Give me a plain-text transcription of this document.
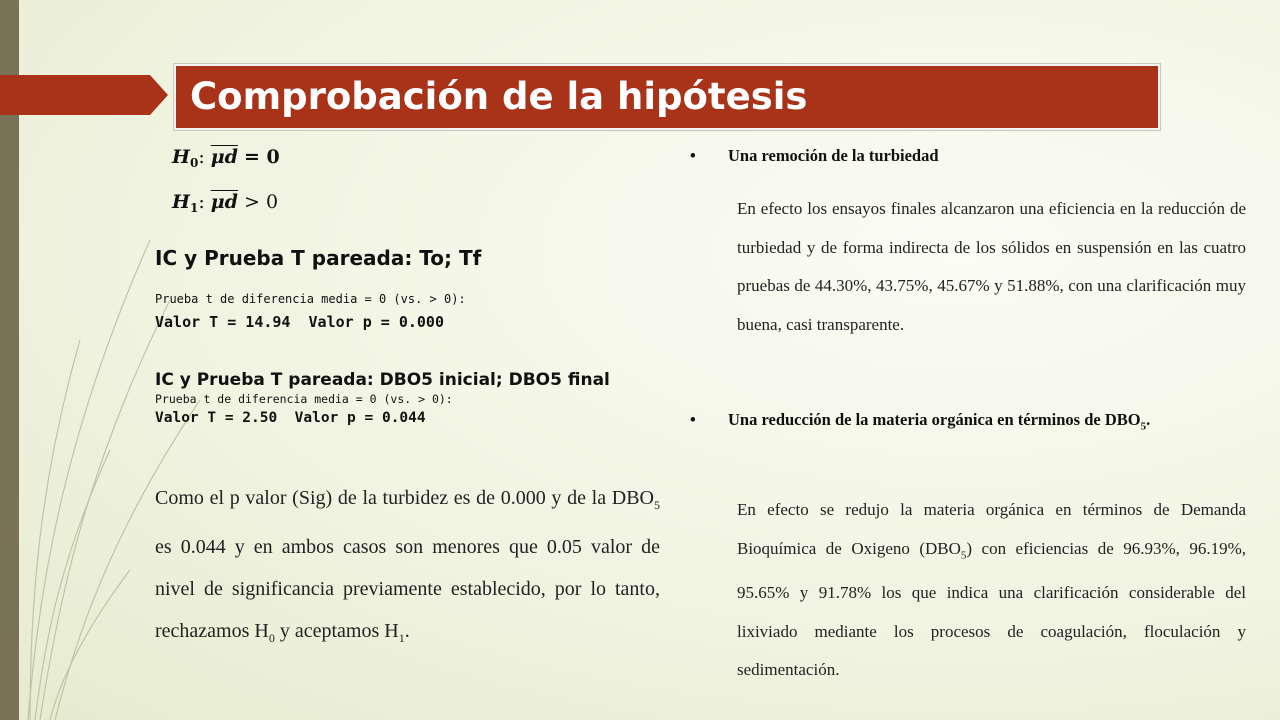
Comprobación de la hipótesis
$H_0$: $\overline{\mu d} = 0$
$H_1$: $\overline{\mu d} > 0$
IC y Prueba T pareada: To; Tf
Prueba t de diferencia media = 0 (vs. > 0):
Valor T = 14.94  Valor p = 0.000
IC y Prueba T pareada: DBO5 inicial; DBO5 final
Prueba t de diferencia media = 0 (vs. > 0):
Valor T = 2.50  Valor p = 0.044
Como el p valor (Sig) de la turbidez es de 0.000 y de la $DBO_5$ es 0.044 y en ambos casos son menores que 0.05 valor de nivel de significancia previamente establecido, por lo tanto, rechazamos $H_0$ y aceptamos $H_1$.
• Una remoción de la turbiedad
En efecto los ensayos finales alcanzaron una eficiencia en la reducción de turbiedad y de forma indirecta de los sólidos en suspensión en las cuatro pruebas de 44.30%, 43.75%, 45.67% y 51.88%, con una clarificación muy buena, casi transparente.
• Una reducción de la materia orgánica en términos de $DBO_5$.
En efecto se redujo la materia orgánica en términos de Demanda Bioquímica de Oxigeno $(DBO_5)$ con eficiencias de 96.93%, 96.19%, 95.65% y 91.78% los que indica una clarificación considerable del lixiviado mediante los procesos de coagulación, floculación y sedimentación.
